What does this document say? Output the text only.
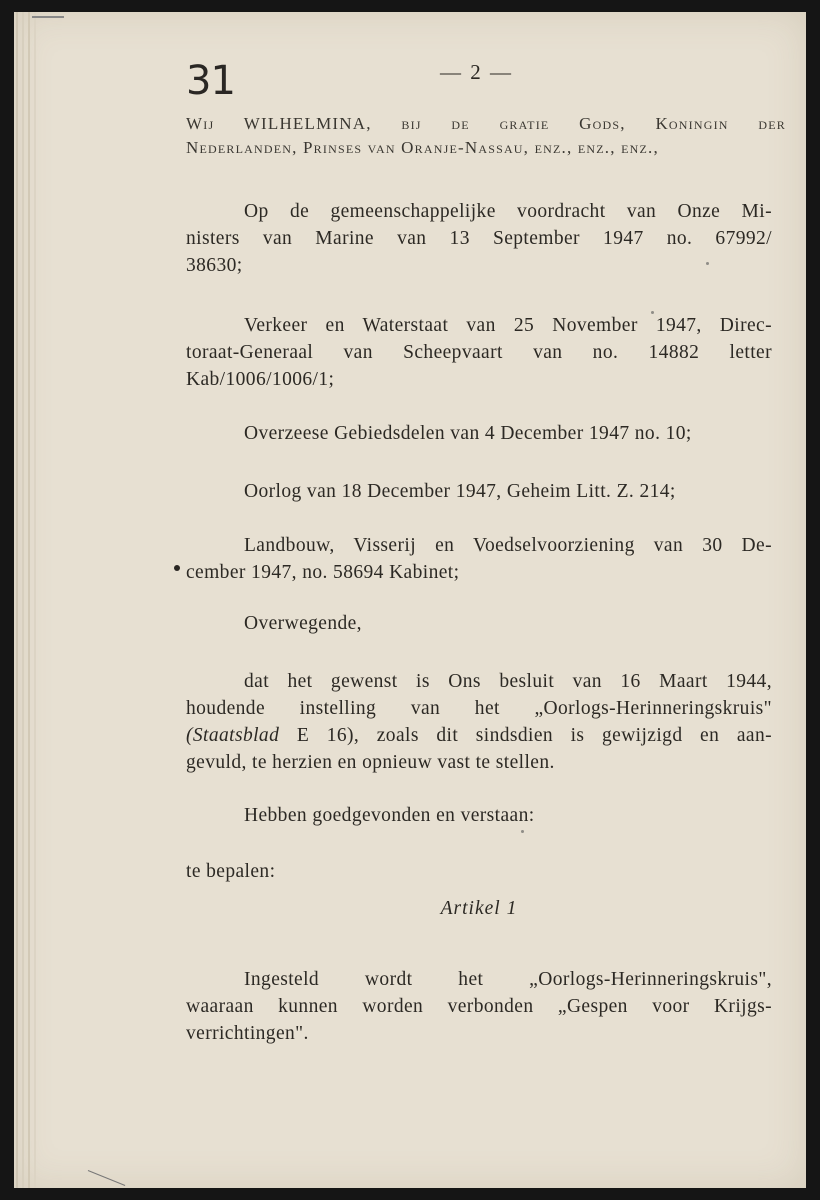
31	— 2 —
Wij WILHELMINA, bij de gratie Gods, Koningin der
Nederlanden, Prinses van Oranje-Nassau, enz., enz., enz.,
Op de gemeenschappelijke voordracht van Onze Mi-
nisters van Marine van 13 September 1947 no. 67992/
38630;
Verkeer en Waterstaat van 25 November 1947, Direc-
toraat-Generaal van Scheepvaart van no. 14882 letter
Kab/1006/1006/1;
Overzeese Gebiedsdelen van 4 December 1947 no. 10;
Oorlog van 18 December 1947, Geheim Litt. Z. 214;
Landbouw, Visserij en Voedselvoorziening van 30 De-
cember 1947, no. 58694 Kabinet;
Overwegende,
dat het gewenst is Ons besluit van 16 Maart 1944,
houdende instelling van het „Oorlogs-Herinneringskruis"
(Staatsblad E 16), zoals dit sindsdien is gewijzigd en aan-
gevuld, te herzien en opnieuw vast te stellen.
Hebben goedgevonden en verstaan:
te bepalen:
Artikel 1
Ingesteld wordt het „Oorlogs-Herinneringskruis",
waaraan kunnen worden verbonden „Gespen voor Krijgs-
verrichtingen".
